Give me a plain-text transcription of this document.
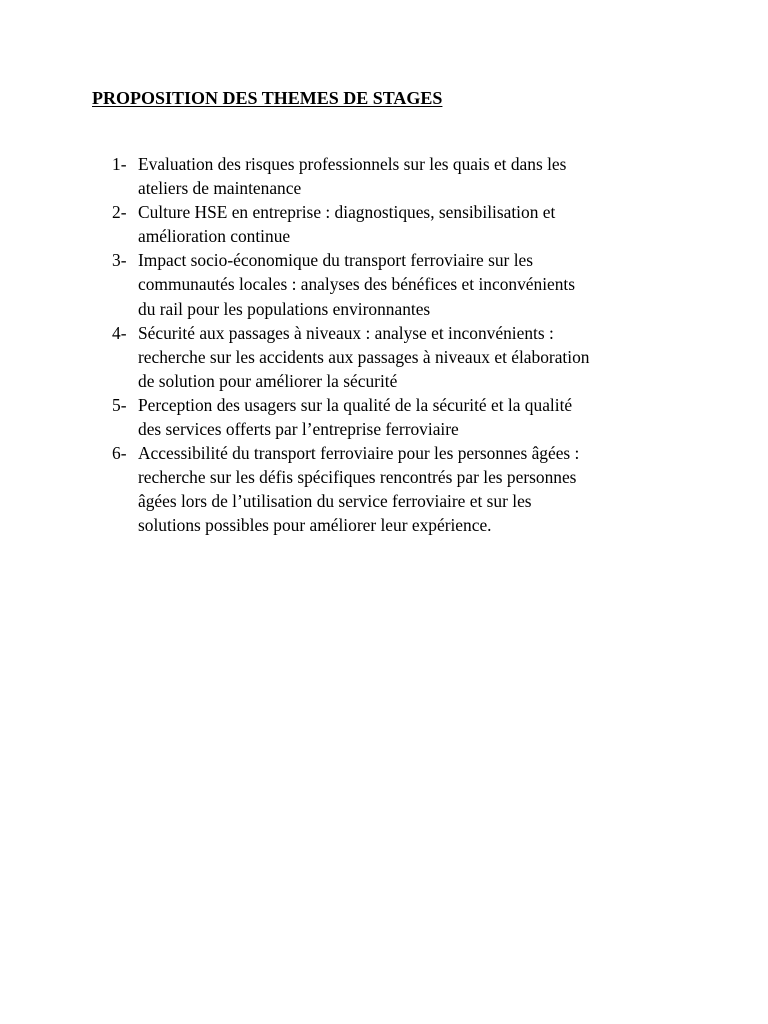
PROPOSITION DES THEMES DE STAGES
1- Evaluation des risques professionnels sur les quais et dans les
ateliers de maintenance
2- Culture HSE en entreprise : diagnostiques, sensibilisation et
amélioration continue
3- Impact socio-économique du transport ferroviaire sur les
communautés locales : analyses des bénéfices et inconvénients
du rail pour les populations environnantes
4- Sécurité aux passages à niveaux : analyse et inconvénients :
recherche sur les accidents aux passages à niveaux et élaboration
de solution pour améliorer la sécurité
5- Perception des usagers sur la qualité de la sécurité et la qualité
des services offerts par l’entreprise ferroviaire
6- Accessibilité du transport ferroviaire pour les personnes âgées :
recherche sur les défis spécifiques rencontrés par les personnes
âgées lors de l’utilisation du service ferroviaire et sur les
solutions possibles pour améliorer leur expérience.
